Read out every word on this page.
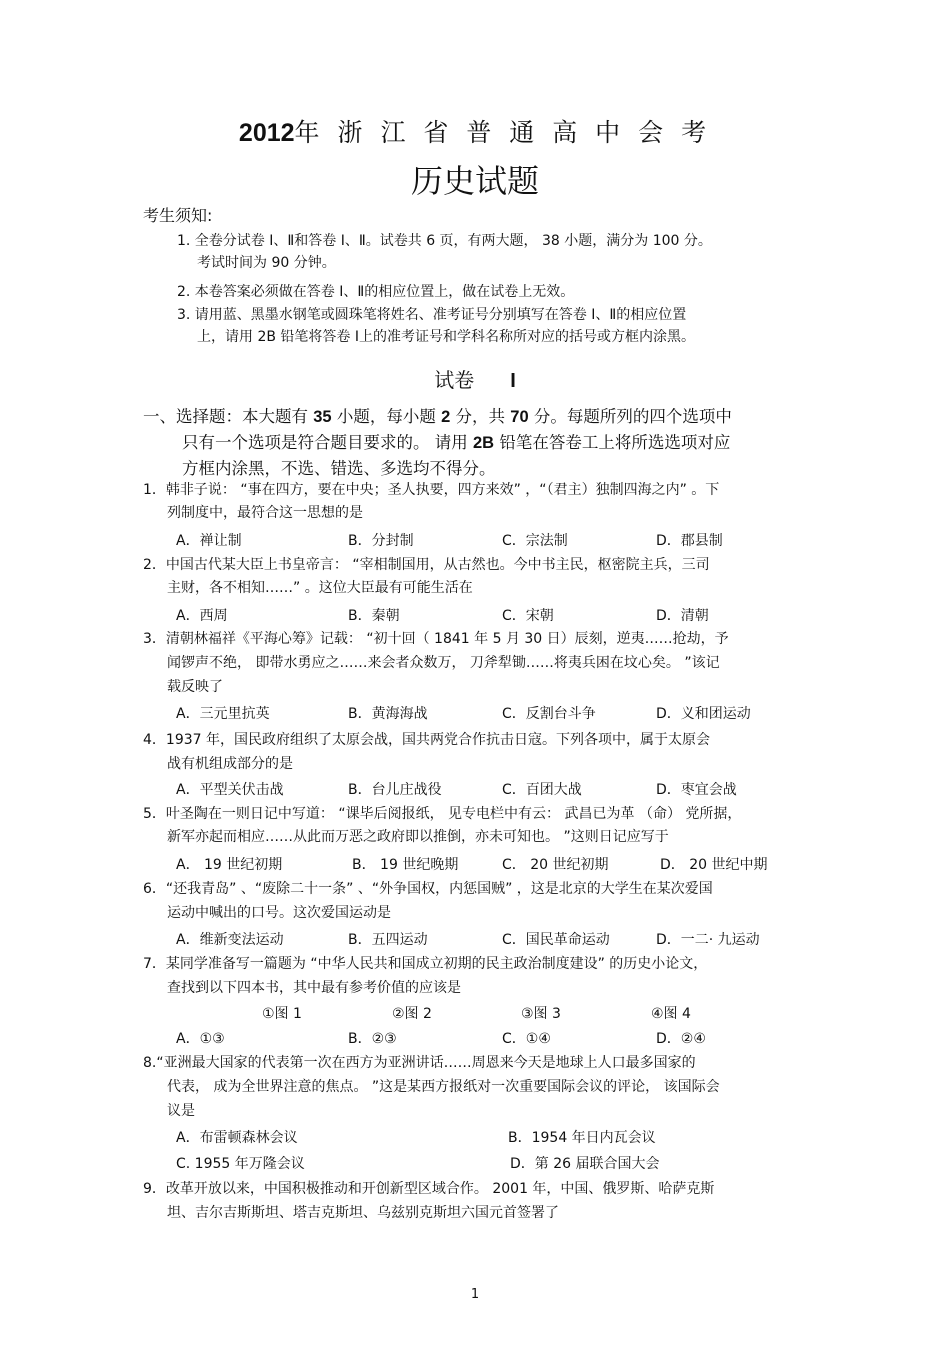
2012年 浙 江 省 普 通 高 中 会 考
历史试题
考生须知:
1. 全卷分试卷 Ⅰ、Ⅱ和答卷 Ⅰ、Ⅱ。试卷共 6 页，有两大题， 38 小题，满分为 100 分。
考试时间为 90 分钟。
2. 本卷答案必须做在答卷 Ⅰ、Ⅱ的相应位置上，做在试卷上无效。
3. 请用蓝、黑墨水钢笔或圆珠笔将姓名、准考证号分别填写在答卷 Ⅰ、Ⅱ的相应位置
上，请用 2B 铅笔将答卷 Ⅰ上的准考证号和学科名称所对应的括号或方框内涂黑。
试卷 I
一、选择题：本大题有 35 小题，每小题 2 分，共 70 分。每题所列的四个选项中
只有一个选项是符合题目要求的。 请用 2B 铅笔在答卷工上将所选选项对应
方框内涂黑，不选、错选、多选均不得分。
1．韩非子说： “事在四方，要在中央；圣人执要，四方来效” ，“（君主）独制四海之内” 。下
列制度中，最符合这一思想的是
A．禅让制	B．分封制	C．宗法制	D．郡县制
2．中国古代某大臣上书皇帝言： “宰相制国用，从古然也。今中书主民，枢密院主兵，三司
主财，各不相知……” 。这位大臣最有可能生活在
A．西周	B．秦朝	C．宋朝	D．清朝
3．清朝林福祥《平海心筹》记载： “初十回（ 1841 年 5 月 30 日）辰刻，逆夷……抢劫，予
闻锣声不绝， 即带水勇应之……来会者众数万， 刀斧犁锄……将夷兵困在坟心矣。 ”该记
载反映了
A．三元里抗英	B．黄海海战	C．反割台斗争	D．义和团运动
4．1937 年，国民政府组织了太原会战，国共两党合作抗击日寇。下列各项中，属于太原会
战有机组成部分的是
A．平型关伏击战	B．台儿庄战役	C．百团大战	D．枣宜会战
5．叶圣陶在一则日记中写道： “课毕后阅报纸， 见专电栏中有云： 武昌已为革 （命） 党所据，
新军亦起而相应……从此而万恶之政府即以推倒，亦未可知也。 ”这则日记应写于
A． 19 世纪初期	B． 19 世纪晚期	C． 20 世纪初期	D． 20 世纪中期
6．“还我青岛” 、“废除二十一条” 、“外争国权，内惩国贼” ，这是北京的大学生在某次爱国
运动中喊出的口号。这次爱国运动是
A．维新变法运动	B．五四运动	C．国民革命运动	D．一二· 九运动
7．某同学准备写一篇题为 “中华人民共和国成立初期的民主政治制度建设” 的历史小论文，
查找到以下四本书，其中最有参考价值的应该是
①图 1	②图 2	③图 3	④图 4
A．①③	B．②③	C．①④	D．②④
8.“亚洲最大国家的代表第一次在西方为亚洲讲话……周恩来今天是地球上人口最多国家的
代表， 成为全世界注意的焦点。 ”这是某西方报纸对一次重要国际会议的评论， 该国际会
议是
A．布雷顿森林会议	B．1954 年日内瓦会议
C. 1955 年万隆会议	D．第 26 届联合国大会
9．改革开放以来，中国积极推动和开创新型区域合作。 2001 年，中国、俄罗斯、哈萨克斯
坦、吉尔吉斯斯坦、塔吉克斯坦、乌兹别克斯坦六国元首签署了
1
